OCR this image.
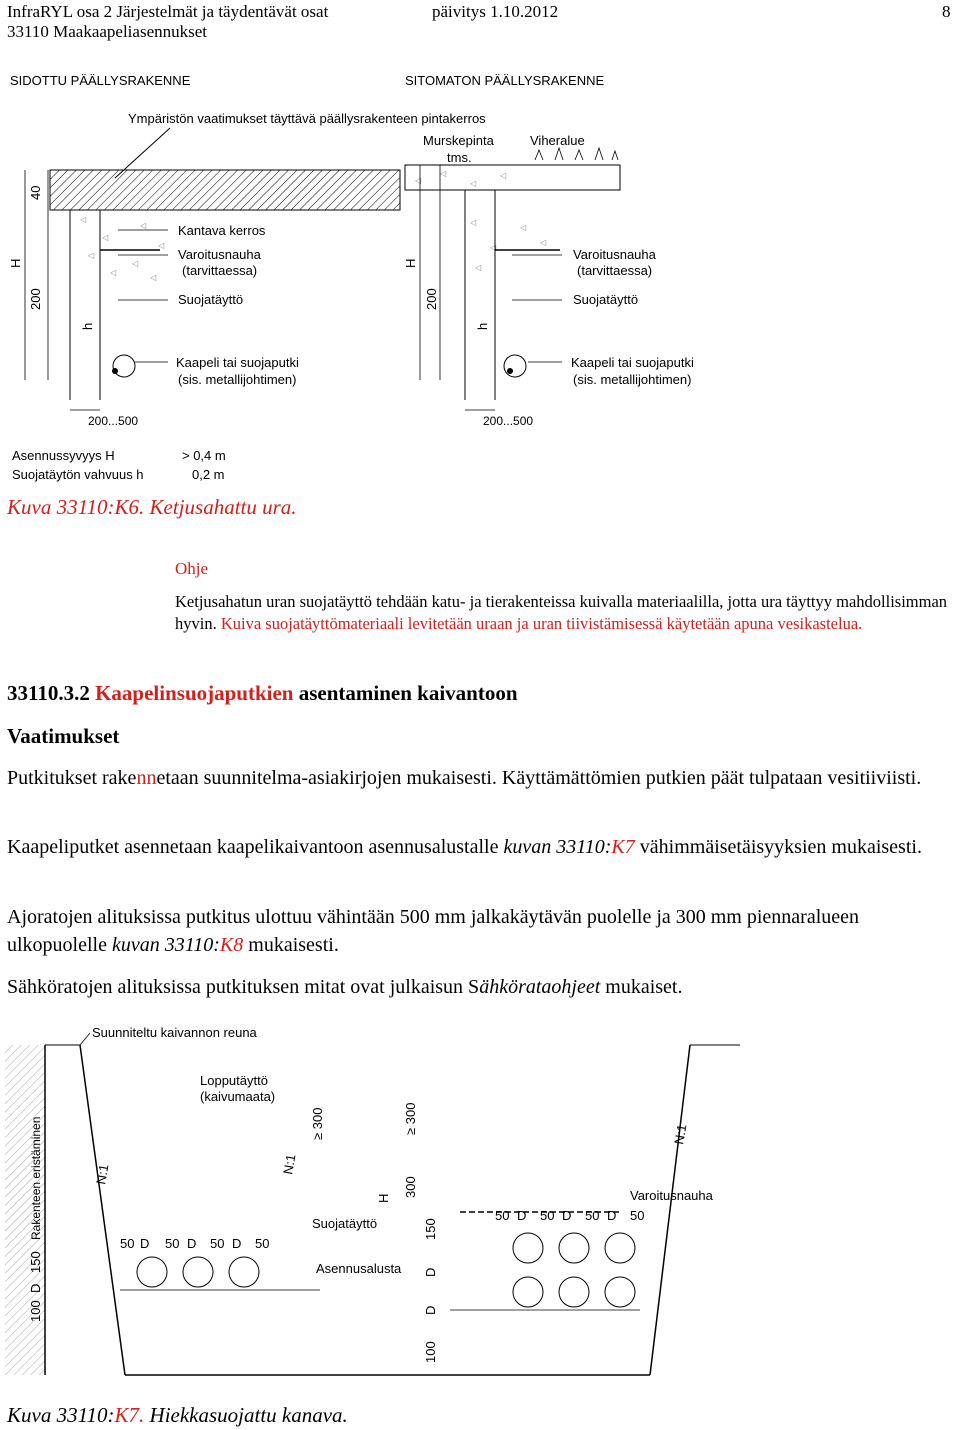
InfraRYL osa 2 Järjestelmät ja täydentävät osat
33110 Maakaapeliasennukset
päivitys 1.10.2012	8
SIDOTTU PÄÄLLYSRAKENNE	SITOMATON PÄÄLLYSRAKENNE
Ympäristön vaatimukset täyttävä päällysrakenteen pintakerros
◁
◁
◁
◁
◁
◁
◁
◁
Kantava kerros
Varoitusnauha
(tarvittaessa)
Suojatäyttö
Kaapeli tai suojaputki
(sis. metallijohtimen)
40
H
200
h
200...500
◁
◁
◁
◁
◁
◁
◁
◁
◁
Murskepinta
tms.
Viheralue
Varoitusnauha
(tarvittaessa)
Suojatäyttö
Kaapeli tai suojaputki
(sis. metallijohtimen)
H
200
h
200...500
Asennussyvyys H	> 0,4 m
Suojatäytön vahvuus h	0,2 m
Kuva 33110:K6. Ketjusahattu ura.
Ohje
Ketjusahatun uran suojatäyttö tehdään katu- ja tierakenteissa kuivalla materiaalilla, jotta ura täyttyy mahdollisimman hyvin. Kuiva suojatäyttömateriaali levitetään uraan ja uran tiivistämisessä käytetään apuna vesikastelua.
33110.3.2 Kaapelinsuojaputkien asentaminen kaivantoon
Vaatimukset
Putkitukset rakennetaan suunnitelma-asiakirjojen mukaisesti. Käyttämättömien putkien päät tulpataan vesitiiviisti.
Kaapeliputket asennetaan kaapelikaivantoon asennusalustalle kuvan 33110:K7 vähimmäisetäisyyksien mukaisesti.
Ajoratojen alituksissa putkitus ulottuu vähintään 500 mm jalkakäytävän puolelle ja 300 mm piennaralueen ulkopuolelle kuvan 33110:K8 mukaisesti.
Sähköratojen alituksissa putkituksen mitat ovat julkaisun Sähkörataohjeet mukaiset.
Suunniteltu kaivannon reuna
Lopputäyttö
(kaivumaata)
Rakenteen eristäminen	N:1	N:1
N:1
≥ 300	≥ 300
H
300
150
100
150
100
D
D
D
Varoitusnauha
Suojatäyttö
Asennusalusta
50 D 50 D 50 D 50
50 D 50 D 50 D 50
Kuva 33110:K7. Hiekkasuojattu kanava.
